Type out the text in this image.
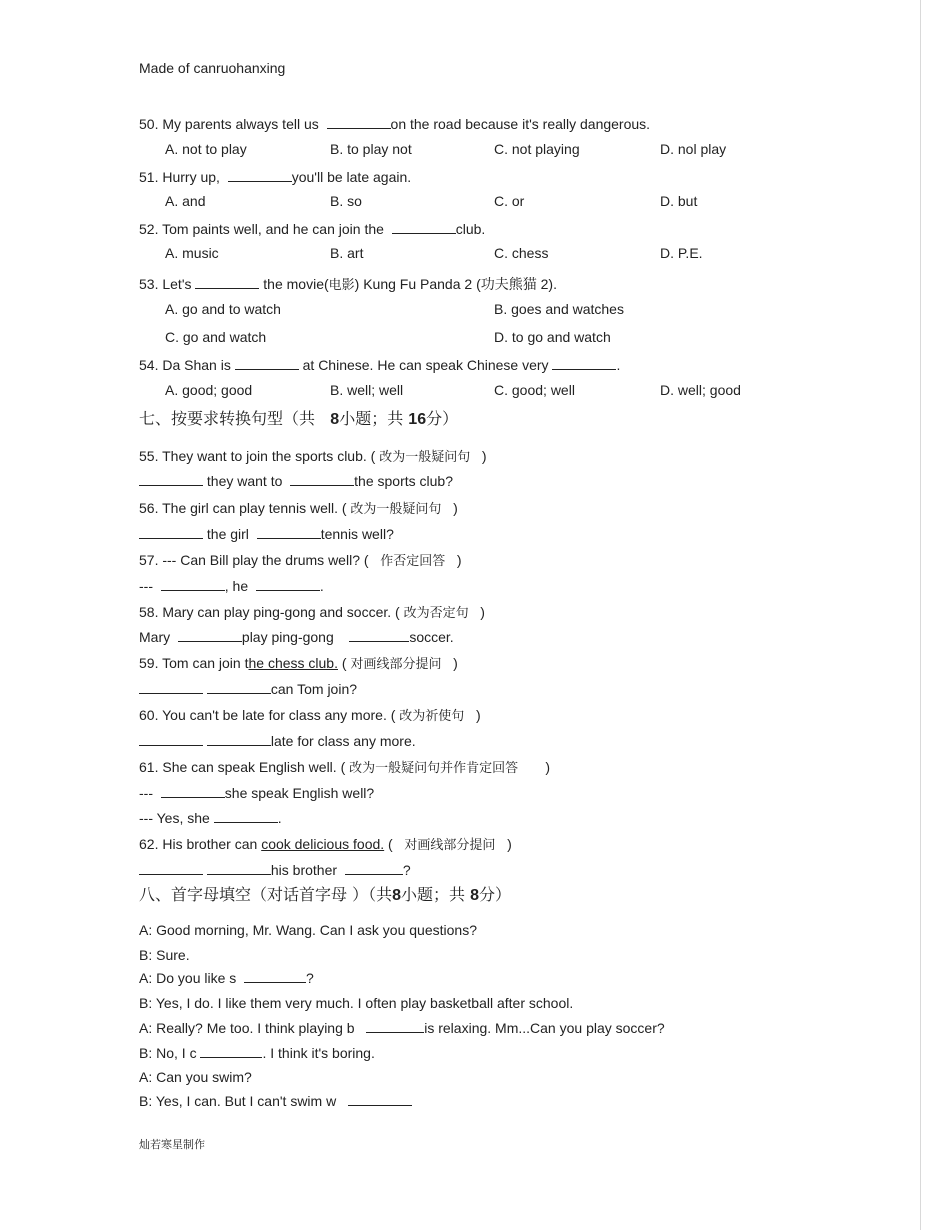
Made of canruohanxing
50. My parents always tell us	on the road because it's really dangerous.
A. not to play	B. to play not	C. not playing	D. nol play
51. Hurry up,	you'll be late again.
A. and	B. so	C. or	D. but
52. Tom paints well, and he can join the	club.
A. music	B. art	C. chess	D. P.E.
53. Let's	the movie(电影) Kung Fu Panda 2 (功夫熊猫 2).
A. go and to watch	B. goes and watches
C. go and watch	D. to go and watch
54. Da Shan is	at Chinese. He can speak Chinese very	.
A. good; good	B. well; well	C. good; well	D. well; good
七、按要求转换句型（共 8小题；共 16分）
55. They want to join the sports club. ( 改为一般疑问句 )
they want to	the sports club?
56. The girl can play tennis well. ( 改为一般疑问句 )
the girl	tennis well?
57. --- Can Bill play the drums well? ( 作否定回答 )
---	, he	.
58. Mary can play ping-gong and soccer. ( 改为否定句 )
Mary	play ping-gong	soccer.
59. Tom can join the chess club. ( 对画线部分提问 )
can Tom join?
60. You can't be late for class any more. ( 改为祈使句 )
late for class any more.
61. She can speak English well. ( 改为一般疑问句并作肯定回答 )
---	she speak English well?
--- Yes, she	.
62. His brother can cook delicious food. ( 对画线部分提问 )
his brother	?
八、首字母填空（对话首字母 ）（共8小题；共 8分）
A: Good morning, Mr. Wang. Can I ask you questions?
B: Sure.
A: Do you like s	?
B: Yes, I do. I like them very much. I often play basketball after school.
A: Really? Me too. I think playing b	is relaxing. Mm...Can you play soccer?
B: No, I c	. I think it's boring.
A: Can you swim?
B: Yes, I can. But I can't swim w
灿若寒星制作
